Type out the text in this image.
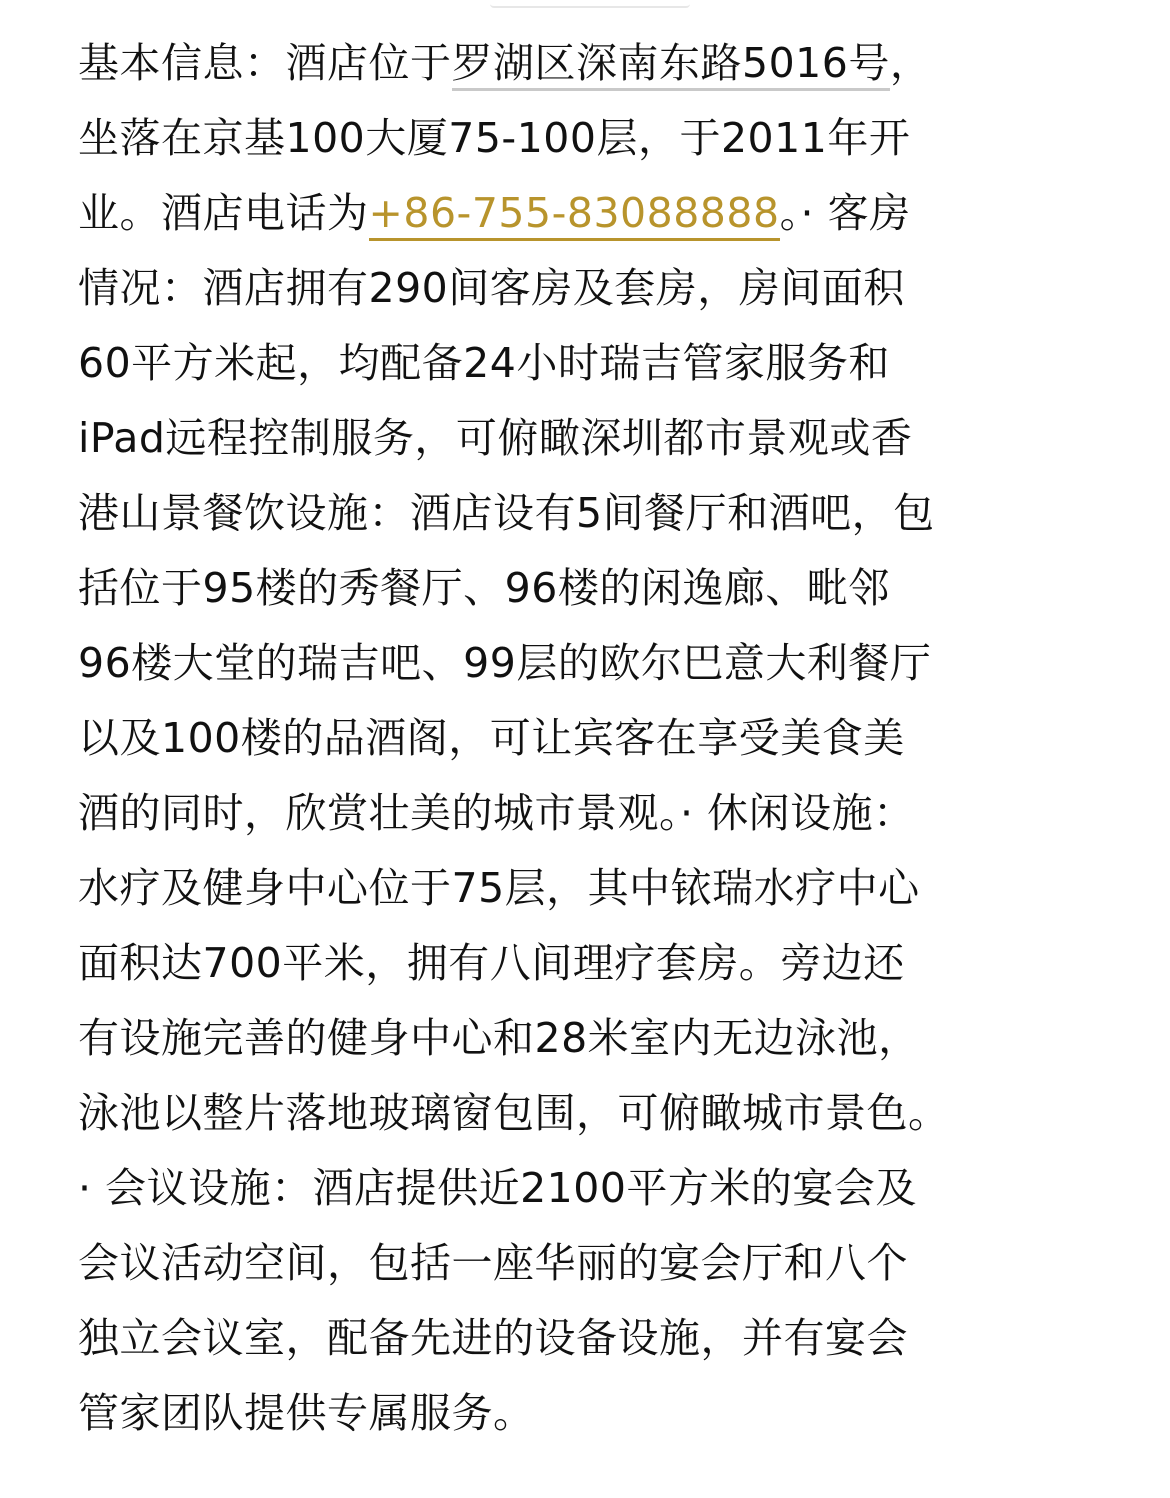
基本信息：酒店位于罗湖区深南东路5016号，
坐落在京基100大厦75-100层，于2011年开
业。酒店电话为+86-755-83088888。· 客房
情况：酒店拥有290间客房及套房，房间面积
60平方米起，均配备24小时瑞吉管家服务和
iPad远程控制服务，可俯瞰深圳都市景观或香
港山景餐饮设施：酒店设有5间餐厅和酒吧，包
括位于95楼的秀餐厅、96楼的闲逸廊、毗邻
96楼大堂的瑞吉吧、99层的欧尔巴意大利餐厅
以及100楼的品酒阁，可让宾客在享受美食美
酒的同时，欣赏壮美的城市景观。· 休闲设施：
水疗及健身中心位于75层，其中铱瑞水疗中心
面积达700平米，拥有八间理疗套房。旁边还
有设施完善的健身中心和28米室内无边泳池，
泳池以整片落地玻璃窗包围，可俯瞰城市景色。
· 会议设施：酒店提供近2100平方米的宴会及
会议活动空间，包括一座华丽的宴会厅和八个
独立会议室，配备先进的设备设施，并有宴会
管家团队提供专属服务。
